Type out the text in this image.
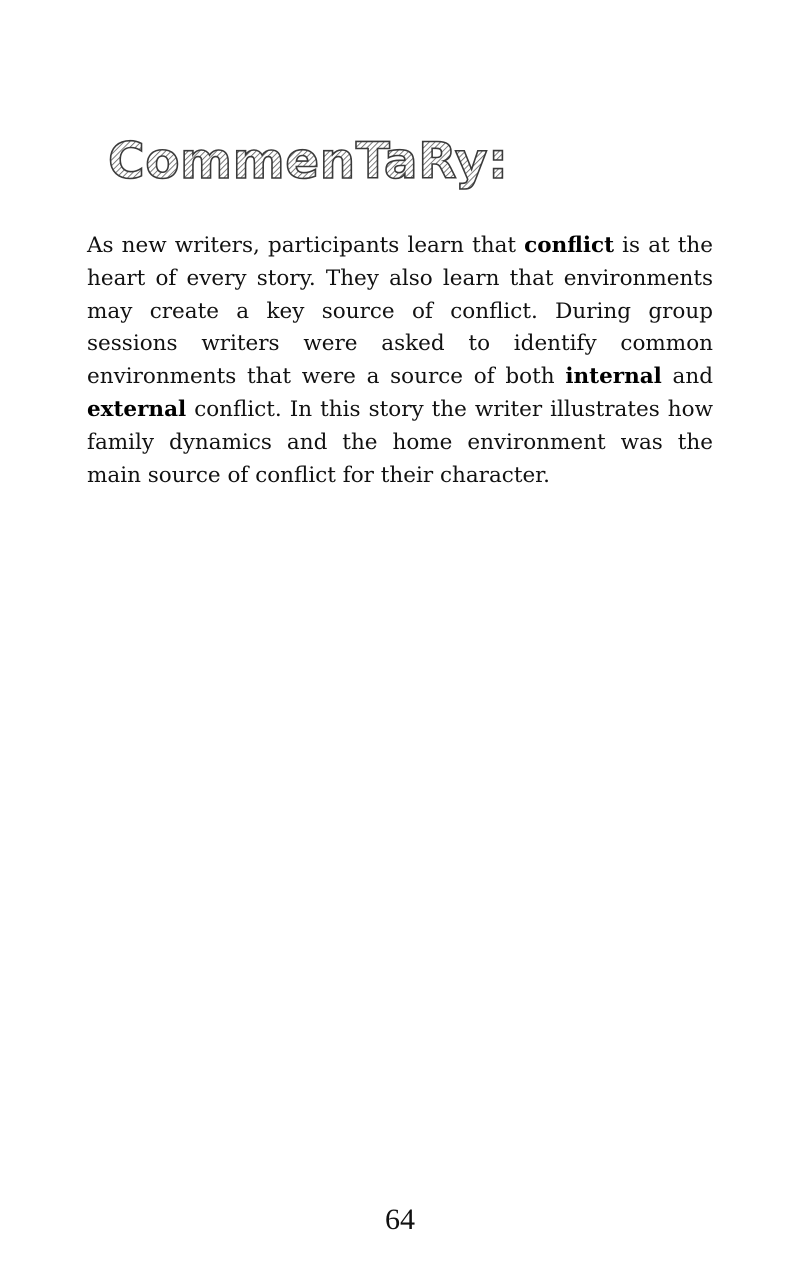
CommenTaRy:

As new writers, participants learn that conflict is at the heart of every story. They also learn that environments may create a key source of conflict. During group sessions writers were asked to identify common environments that were a source of both internal and external conflict. In this story the writer illustrates how family dynamics and the home environment was the main source of conflict for their character.

64
